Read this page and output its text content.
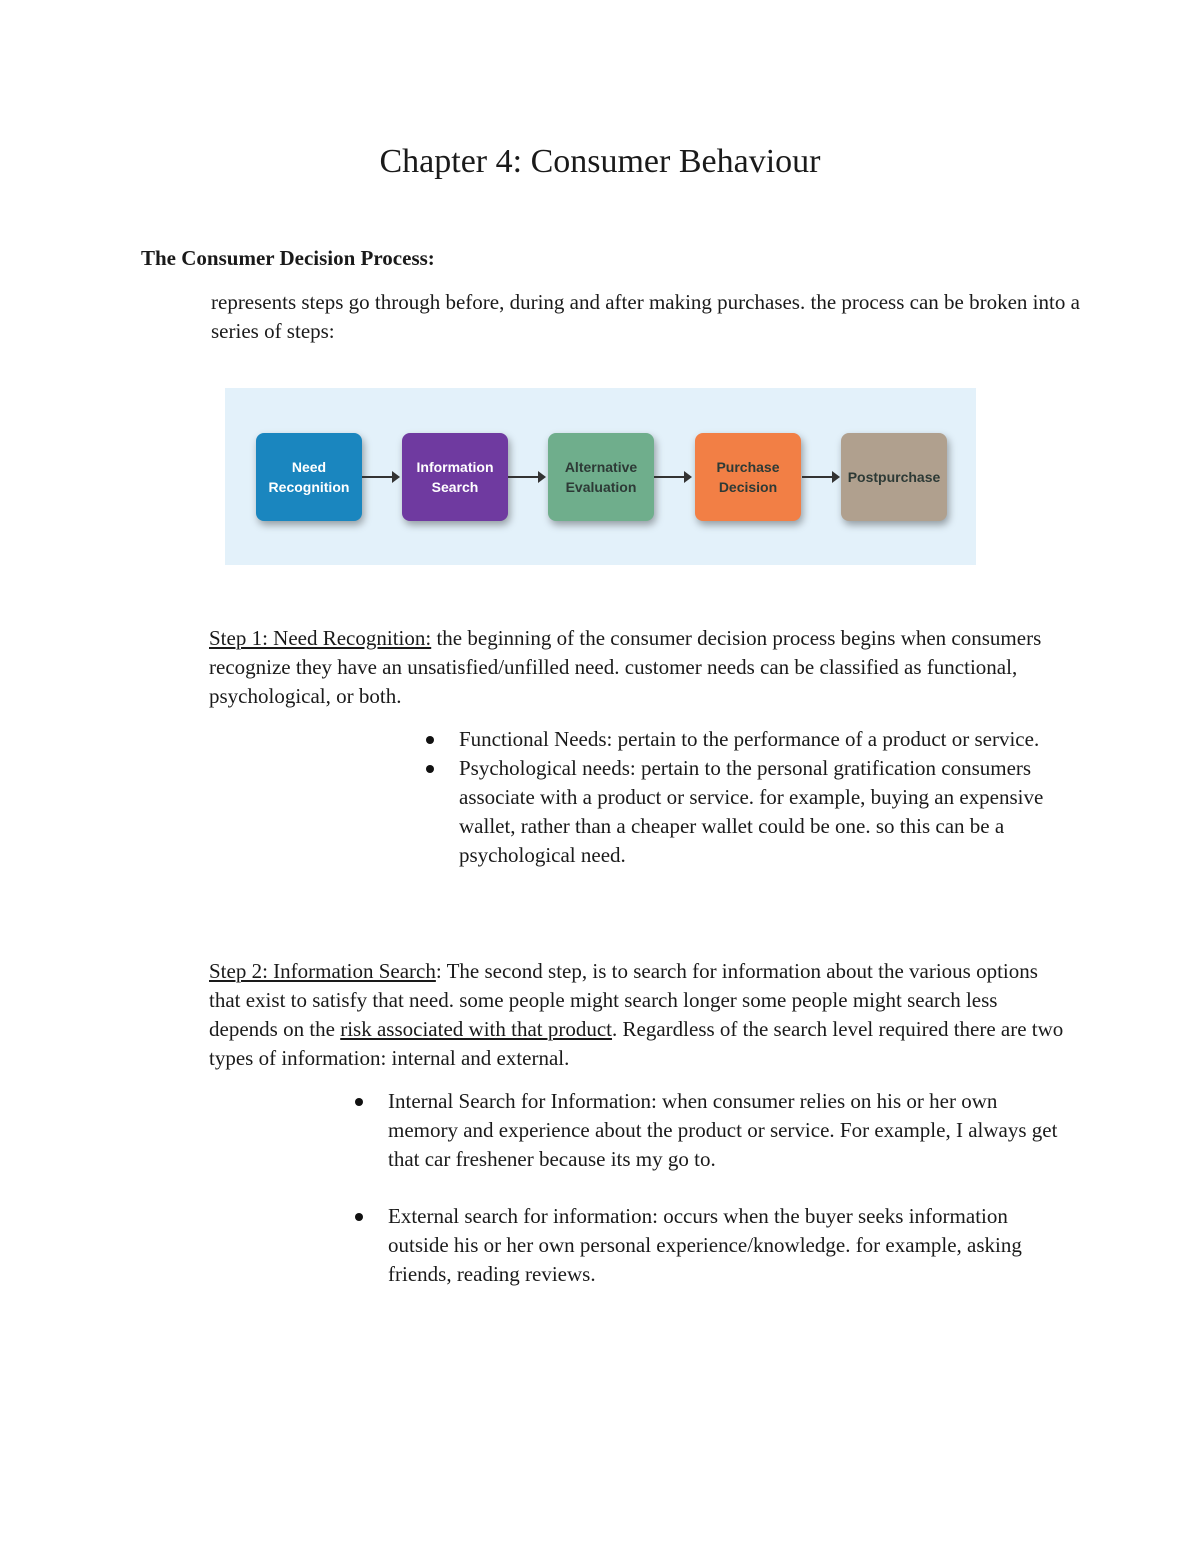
Chapter 4: Consumer Behaviour
The Consumer Decision Process:
represents steps go through before, during and after making purchases. the process can be broken into a series of steps:
Need
Recognition
Information
Search
Alternative
Evaluation
Purchase
Decision
Postpurchase
Step 1: Need Recognition: the beginning of the consumer decision process begins when consumers recognize they have an unsatisfied/unfilled need. customer needs can be classified as functional, psychological, or both.
Functional Needs: pertain to the performance of a product or service.
Psychological needs: pertain to the personal gratification consumers associate with a product or service. for example, buying an expensive wallet, rather than a cheaper wallet could be one. so this can be a psychological need.
Step 2: Information Search: The second step, is to search for information about the various options that exist to satisfy that need. some people might search longer some people might search less depends on the risk associated with that product. Regardless of the search level required there are two types of information: internal and external.
Internal Search for Information: when consumer relies on his or her own memory and experience about the product or service. For example, I always get that car freshener because its my go to.
External search for information: occurs when the buyer seeks information outside his or her own personal experience/knowledge. for example, asking friends, reading reviews.
